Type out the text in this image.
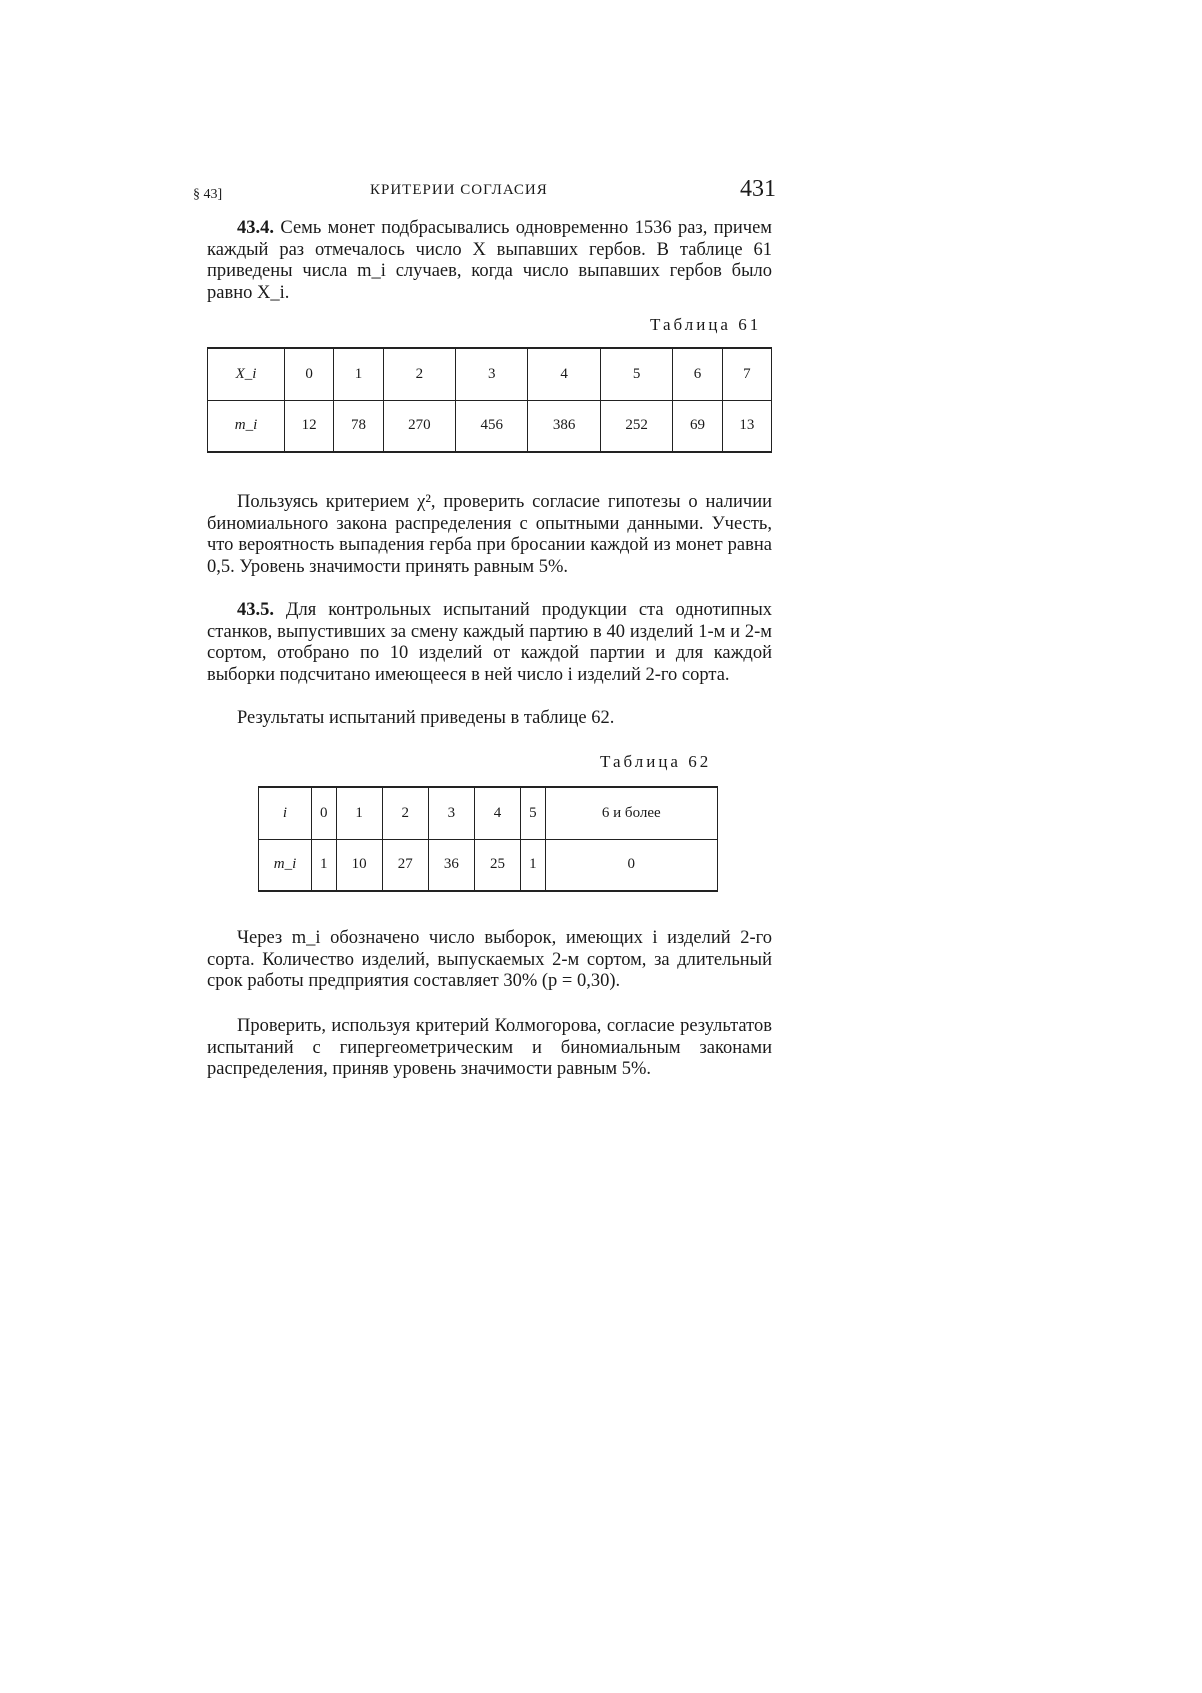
§ 43]	КРИТЕРИИ СОГЛАСИЯ	431
43.4. Семь монет подбрасывались одновременно 1536 раз, причем каждый раз отмечалось число X выпавших гербов. В таблице 61 приведены числа m_i случаев, когда число выпавших гербов было равно X_i.
Таблица 61
X_i	0	1	2	3	4	5	6	7
m_i	12	78	270	456	386	252	69	13
Пользуясь критерием χ², проверить согласие гипотезы о наличии биномиального закона распределения с опытными данными. Учесть, что вероятность выпадения герба при бросании каждой из монет равна 0,5. Уровень значимости принять равным 5%.
43.5. Для контрольных испытаний продукции ста однотипных станков, выпустивших за смену каждый партию в 40 изделий 1-м и 2-м сортом, отобрано по 10 изделий от каждой партии и для каждой выборки подсчитано имеющееся в ней число i изделий 2-го сорта.
Результаты испытаний приведены в таблице 62.
Таблица 62
i	0	1	2	3	4	5	6 и более
m_i	1	10	27	36	25	1	0
Через m_i обозначено число выборок, имеющих i изделий 2-го сорта. Количество изделий, выпускаемых 2-м сортом, за длительный срок работы предприятия составляет 30% (p = 0,30).
Проверить, используя критерий Колмогорова, согласие результатов испытаний с гипергеометрическим и биномиальным законами распределения, приняв уровень значимости равным 5%.
